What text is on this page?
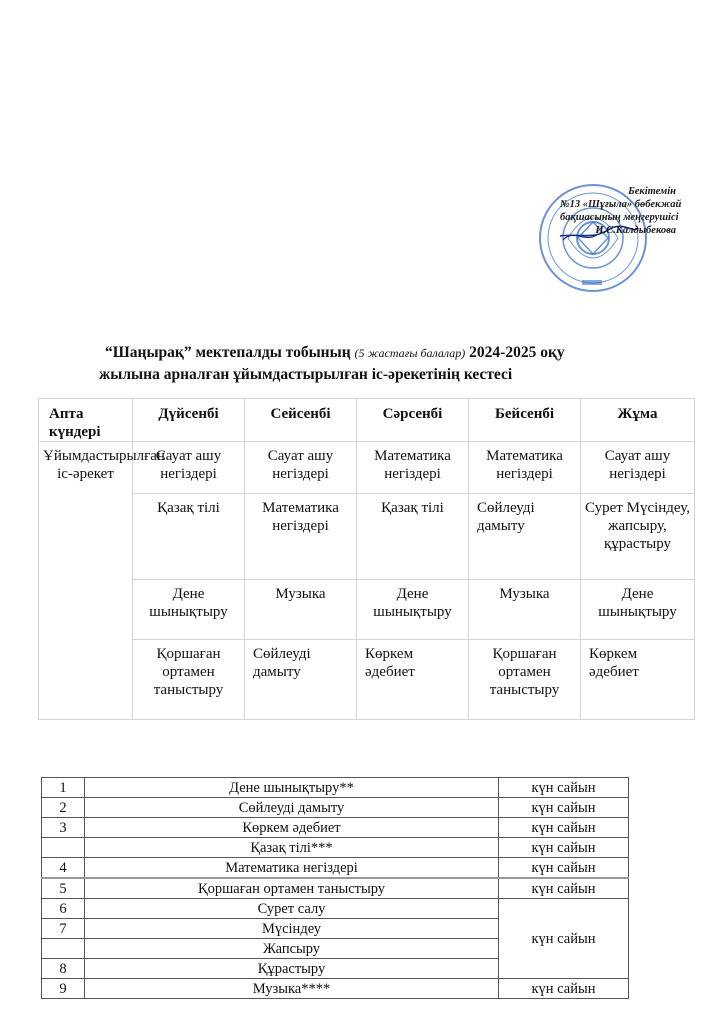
Бекітемін
№13 «Шұғыла» бөбекжай
бақшасының меңгерушісі
И.С.Калдыбекова
“Шаңырақ” мектепалды тобының (5 жастағы балалар) 2024-2025 оқу
жылына арналған ұйымдастырылған іс-әрекетінің кестесі
Апта күндері	Дүйсенбі	Сейсенбі	Сәрсенбі	Бейсенбі	Жұма
Ұйымдастырылған іс-әрекет	Сауат ашу негіздері	Сауат ашу негіздері	Математика негіздері	Математика негіздері	Сауат ашу негіздері
	Қазақ тілі	Математика негіздері	Қазақ тілі	Сөйлеуді дамыту	Сурет Мүсіндеу, жапсыру, құрастыру
	Дене шынықтыру	Музыка	Дене шынықтыру	Музыка	Дене шынықтыру
	Қоршаған ортамен таныстыру	Сөйлеуді дамыту	Көркем әдебиет	Қоршаған ортамен таныстыру	Көркем әдебиет
1	Дене шынықтыру**	күн сайын
2	Сөйлеуді дамыту	күн сайын
3	Көркем әдебиет	күн сайын
	Қазақ тілі***	күн сайын
4	Математика негіздері	күн сайын
5	Қоршаған ортамен таныстыру	күн сайын
6	Сурет салу	күн сайын
7	Мүсіндеу	
	Жапсыру	
8	Құрастыру	
9	Музыка****	күн сайын
